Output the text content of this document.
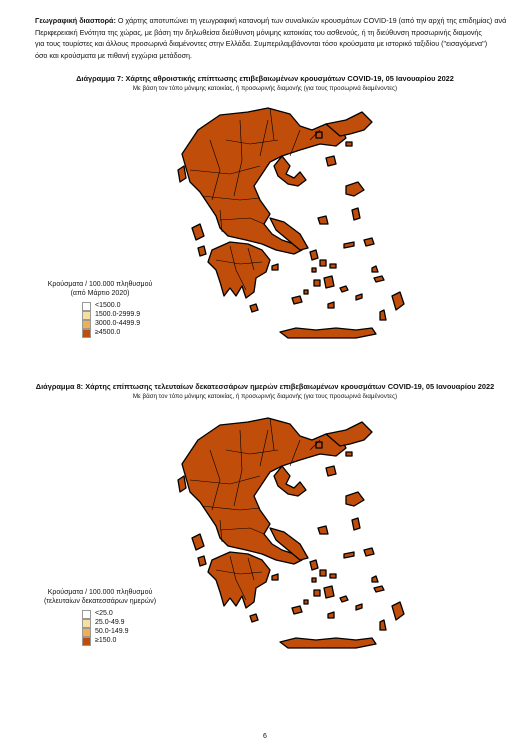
Γεωγραφική διασπορά: Ο χάρτης αποτυπώνει τη γεωγραφική κατανομή των συναλικών κρουσμάτων COVID-19 (από την αρχή της επιδημίας) ανά
Περιφερειακή Ενότητα της χώρας, με βάση την δηλωθείσα διεύθυνση μόνιμης κατοικίας του ασθενούς, ή τη διεύθυνση προσωρινής διαμονής
για τους τουρίστες και άλλους προσωρινά διαμένοντες στην Ελλάδα. Συμπεριλαμβάνονται τόσο κρούσματα με ιστορικό ταξιδίου ("εισαγόμενα")
όσο και κρούσματα με πιθανή εγχώρια μετάδοση.
Διάγραμμα 7: Χάρτης αθροιστικής επίπτωσης επιβεβαιωμένων κρουσμάτων COVID-19, 05 Ιανουαρίου 2022
Με βάση τον τόπο μόνιμης κατοικίας, ή προσωρινής διαμονής (για τους προσωρινά διαμένοντες)
Κρούσματα / 100.000 πληθυσμού
(από Μάρτιο 2020)
<1500.0
1500.0-2999.9
3000.0-4499.9
≥4500.0
Διάγραμμα 8: Χάρτης επίπτωσης τελευταίων δεκατεσσάρων ημερών επιβεβαιωμένων κρουσμάτων COVID-19, 05 Ιανουαρίου 2022
Με βάση τον τόπο μόνιμης κατοικίας, ή προσωρινής διαμονής (για τους προσωρινά διαμένοντες)
Κρούσματα / 100.000 πληθυσμού
(τελευταίων δεκατεσσάρων ημερών)
<25.0
25.0-49.9
50.0-149.9
≥150.0
6
